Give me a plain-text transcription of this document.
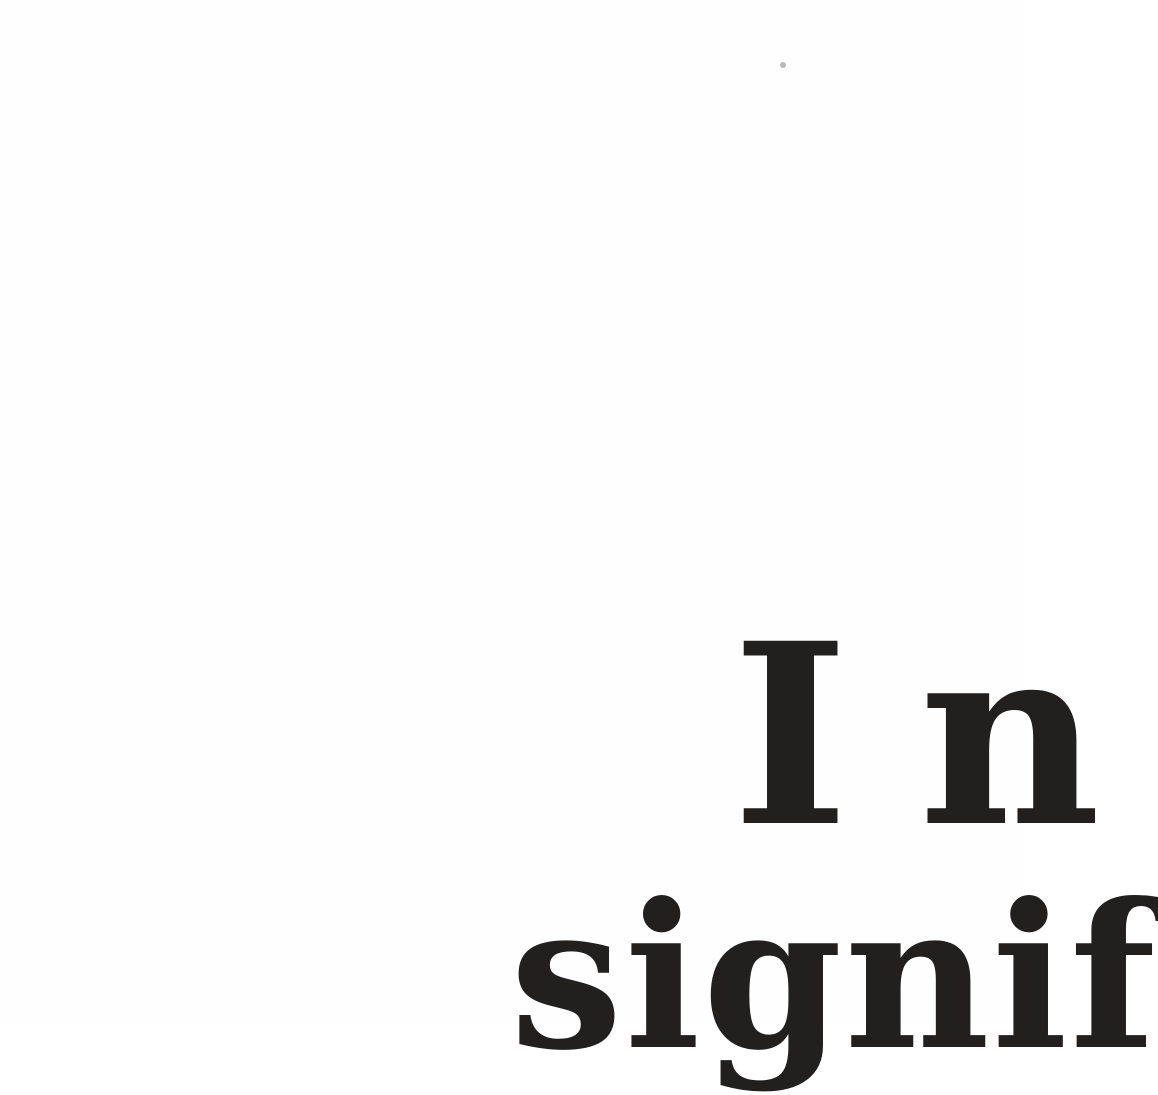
I n
signif
